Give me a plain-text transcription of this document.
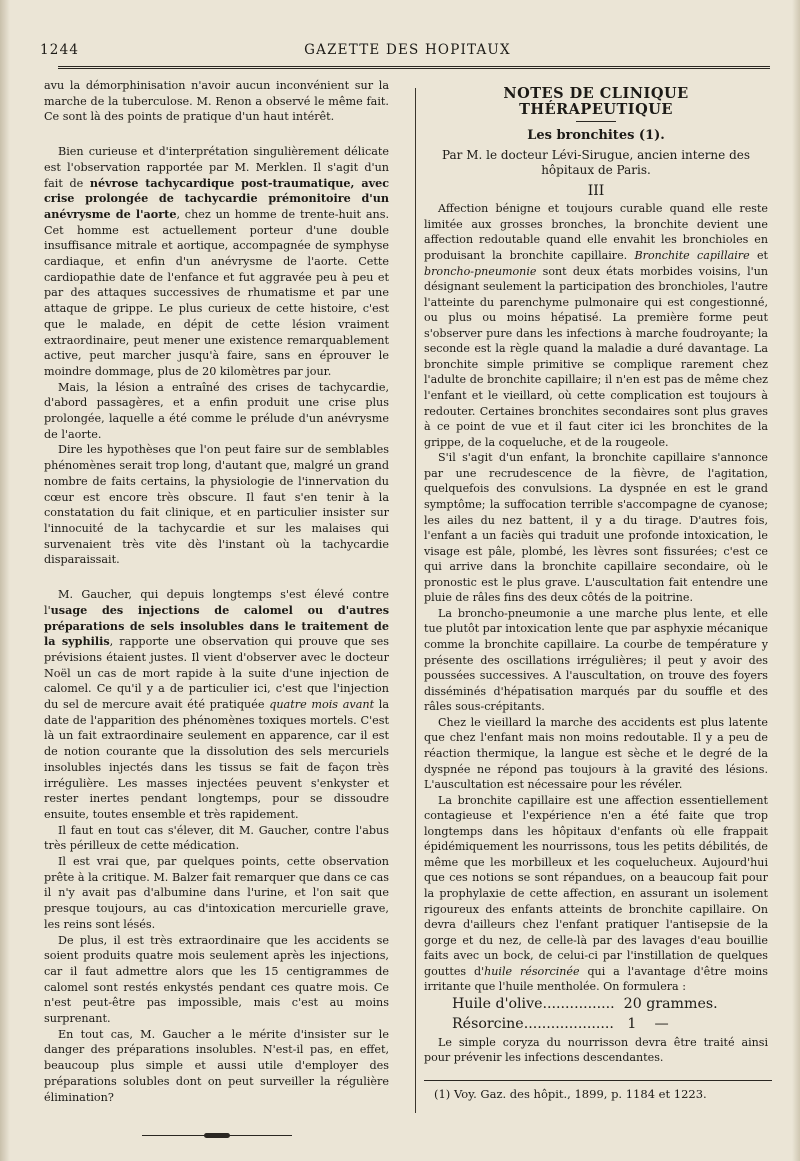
1244	GAZETTE DES HOPITAUX

avu la démorphinisation n'avoir aucun inconvénient sur la marche de la tuberculose. M. Renon a observé le même fait. Ce sont là des points de pratique d'un haut intérêt.

Bien curieuse et d'interprétation singulièrement délicate est l'observation rapportée par M. Merklen. Il s'agit d'un fait de névrose tachycardique post-traumatique, avec crise prolongée de tachycardie prémonitoire d'un anévrysme de l'aorte, chez un homme de trente-huit ans. Cet homme est actuellement porteur d'une double insuffisance mitrale et aortique, accompagnée de symphyse cardiaque, et enfin d'un anévrysme de l'aorte. Cette cardiopathie date de l'enfance et fut aggravée peu à peu et par des attaques successives de rhumatisme et par une attaque de grippe. Le plus curieux de cette histoire, c'est que le malade, en dépit de cette lésion vraiment extraordinaire, peut mener une existence remarquablement active, peut marcher jusqu'à faire, sans en éprouver le moindre dommage, plus de 20 kilomètres par jour.

Mais, la lésion a entraîné des crises de tachycardie, d'abord passagères, et a enfin produit une crise plus prolongée, laquelle a été comme le prélude d'un anévrysme de l'aorte.

Dire les hypothèses que l'on peut faire sur de semblables phénomènes serait trop long, d'autant que, malgré un grand nombre de faits certains, la physiologie de l'innervation du cœur est encore très obscure. Il faut s'en tenir à la constatation du fait clinique, et en particulier insister sur l'innocuité de la tachycardie et sur les malaises qui survenaient très vite dès l'instant où la tachycardie disparaissait.

M. Gaucher, qui depuis longtemps s'est élevé contre l'usage des injections de calomel ou d'autres préparations de sels insolubles dans le traitement de la syphilis, rapporte une observation qui prouve que ses prévisions étaient justes. Il vient d'observer avec le docteur Noël un cas de mort rapide à la suite d'une injection de calomel. Ce qu'il y a de particulier ici, c'est que l'injection du sel de mercure avait été pratiquée quatre mois avant la date de l'apparition des phénomènes toxiques mortels. C'est là un fait extraordinaire seulement en apparence, car il est de notion courante que la dissolution des sels mercuriels insolubles injectés dans les tissus se fait de façon très irrégulière. Les masses injectées peuvent s'enkyster et rester inertes pendant longtemps, pour se dissoudre ensuite, toutes ensemble et très rapidement.

Il faut en tout cas s'élever, dit M. Gaucher, contre l'abus très périlleux de cette médication.

Il est vrai que, par quelques points, cette observation prête à la critique. M. Balzer fait remarquer que dans ce cas il n'y avait pas d'albumine dans l'urine, et l'on sait que presque toujours, au cas d'intoxication mercurielle grave, les reins sont lésés.

De plus, il est très extraordinaire que les accidents se soient produits quatre mois seulement après les injections, car il faut admettre alors que les 15 centigrammes de calomel sont restés enkystés pendant ces quatre mois. Ce n'est peut-être pas impossible, mais c'est au moins surprenant.

En tout cas, M. Gaucher a le mérite d'insister sur le danger des préparations insolubles. N'est-il pas, en effet, beaucoup plus simple et aussi utile d'employer des préparations solubles dont on peut surveiller la régulière élimination?

NOTES DE CLINIQUE THÉRAPEUTIQUE
Les bronchites (1).
Par M. le docteur Lévi-Sirugue, ancien interne des hôpitaux de Paris.
III

Affection bénigne et toujours curable quand elle reste limitée aux grosses bronches, la bronchite devient une affection redoutable quand elle envahit les bronchioles en produisant la bronchite capillaire. Bronchite capillaire et broncho-pneumonie sont deux états morbides voisins, l'un désignant seulement la participation des bronchioles, l'autre l'atteinte du parenchyme pulmonaire qui est congestionné, ou plus ou moins hépatisé. La première forme peut s'observer pure dans les infections à marche foudroyante; la seconde est la règle quand la maladie a duré davantage. La bronchite simple primitive se complique rarement chez l'adulte de bronchite capillaire; il n'en est pas de même chez l'enfant et le vieillard, où cette complication est toujours à redouter. Certaines bronchites secondaires sont plus graves à ce point de vue et il faut citer ici les bronchites de la grippe, de la coqueluche, et de la rougeole.

S'il s'agit d'un enfant, la bronchite capillaire s'annonce par une recrudescence de la fièvre, de l'agitation, quelquefois des convulsions. La dyspnée en est le grand symptôme; la suffocation terrible s'accompagne de cyanose; les ailes du nez battent, il y a du tirage. D'autres fois, l'enfant a un faciès qui traduit une profonde intoxication, le visage est pâle, plombé, les lèvres sont fissurées; c'est ce qui arrive dans la bronchite capillaire secondaire, où le pronostic est le plus grave. L'auscultation fait entendre une pluie de râles fins des deux côtés de la poitrine.

La broncho-pneumonie a une marche plus lente, et elle tue plutôt par intoxication lente que par asphyxie mécanique comme la bronchite capillaire. La courbe de température y présente des oscillations irrégulières; il peut y avoir des poussées successives. A l'auscultation, on trouve des foyers disséminés d'hépatisation marqués par du souffle et des râles sous-crépitants.

Chez le vieillard la marche des accidents est plus latente que chez l'enfant mais non moins redoutable. Il y a peu de réaction thermique, la langue est sèche et le degré de la dyspnée ne répond pas toujours à la gravité des lésions. L'auscultation est nécessaire pour les révéler.

La bronchite capillaire est une affection essentiellement contagieuse et l'expérience n'en a été faite que trop longtemps dans les hôpitaux d'enfants où elle frappait épidémiquement les nourrissons, tous les petits débilités, de même que les morbilleux et les coquelucheux. Aujourd'hui que ces notions se sont répandues, on a beaucoup fait pour la prophylaxie de cette affection, en assurant un isolement rigoureux des enfants atteints de bronchite capillaire. On devra d'ailleurs chez l'enfant pratiquer l'antisepsie de la gorge et du nez, de celle-là par des lavages d'eau bouillie faits avec un bock, de celui-ci par l'instillation de quelques gouttes d'huile résorcinée qui a l'avantage d'être moins irritante que l'huile mentholée. On formulera :

Huile d'olive................  20 grammes.
Résorcine....................   1    —

Le simple coryza du nourrisson devra être traité ainsi pour prévenir les infections descendantes.

(1) Voy. Gaz. des hôpit., 1899, p. 1184 et 1223.
